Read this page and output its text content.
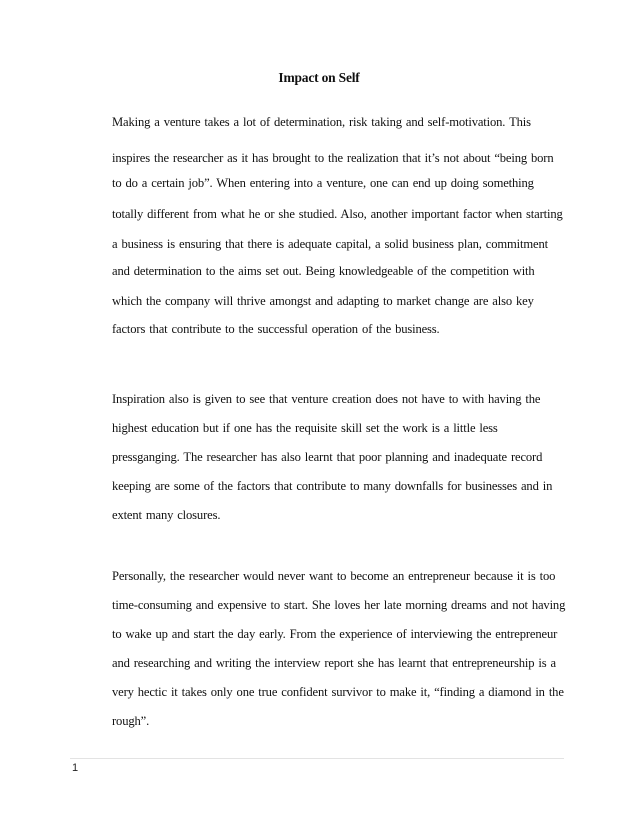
Impact on Self
Making a venture takes a lot of determination, risk taking and self-motivation. This
inspires the researcher as it has brought to the realization that it’s not about “being born
to do a certain job”. When entering into a venture, one can end up doing something
totally different from what he or she studied. Also, another important factor when starting
a business is ensuring that there is adequate capital, a solid business plan, commitment
and determination to the aims set out. Being knowledgeable of the competition with
which the company will thrive amongst and adapting to market change are also key
factors that contribute to the successful operation of the business.
Inspiration also is given to see that venture creation does not have to with having the
highest education but if one has the requisite skill set the work is a little less
pressganging. The researcher has also learnt that poor planning and inadequate record
keeping are some of the factors that contribute to many downfalls for businesses and in
extent many closures.
Personally, the researcher would never want to become an entrepreneur because it is too
time-consuming and expensive to start. She loves her late morning dreams and not having
to wake up and start the day early. From the experience of interviewing the entrepreneur
and researching and writing the interview report she has learnt that entrepreneurship is a
very hectic it takes only one true confident survivor to make it, “finding a diamond in the
rough”.
1
